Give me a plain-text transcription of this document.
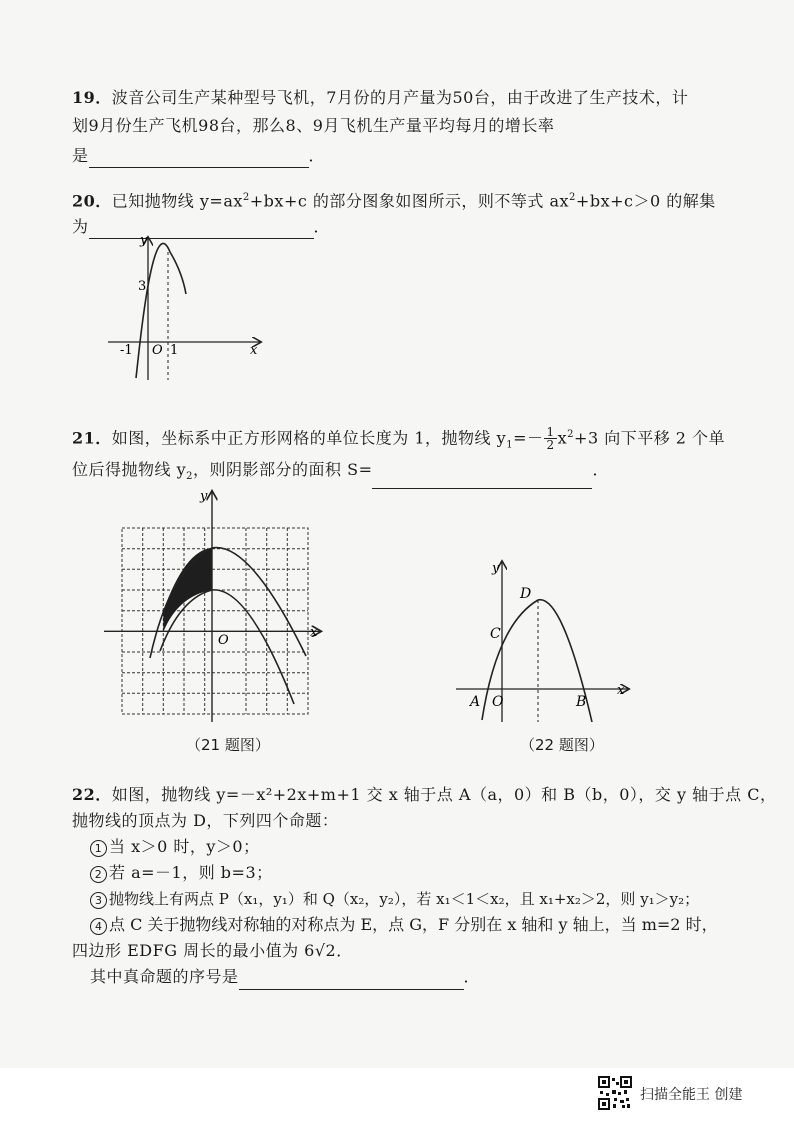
19．波音公司生产某种型号飞机，7月份的月产量为50台，由于改进了生产技术，计
划9月份生产飞机98台，那么8、9月飞机生产量平均每月的增长率
是	．
20．已知抛物线 $y=ax^2+bx+c$ 的部分图象如图所示，则不等式 $ax^2+bx+c>0$ 的解集
为	．
y
x
3
-1 O 1
21．如图，坐标系中正方形网格的单位长度为 1，抛物线 $y_1=- \frac{1}{2} x^2+3$ 向下平移 2 个单
位后得抛物线 $y_2$，则阴影部分的面积 S=	．
y
x
O
（21 题图）
y
x
D
C
A O	B
（22 题图）
22．如图，抛物线 y=－x²+2x+m+1 交 x 轴于点 A（a，0）和 B（b，0），交 y 轴于点 C，
抛物线的顶点为 D，下列四个命题：
1 当 x＞0 时，y＞0；
2 若 a=－1，则 b=3；
3 抛物线上有两点 P（x₁，y₁）和 Q（x₂，y₂），若 x₁＜1＜x₂，且 x₁+x₂＞2，则 y₁＞y₂；
4 点 C 关于抛物线对称轴的对称点为 E，点 G，F 分别在 x 轴和 y 轴上，当 m=2 时，
四边形 EDFG 周长的最小值为 6√2．
其中真命题的序号是	．
扫描全能王 创建
